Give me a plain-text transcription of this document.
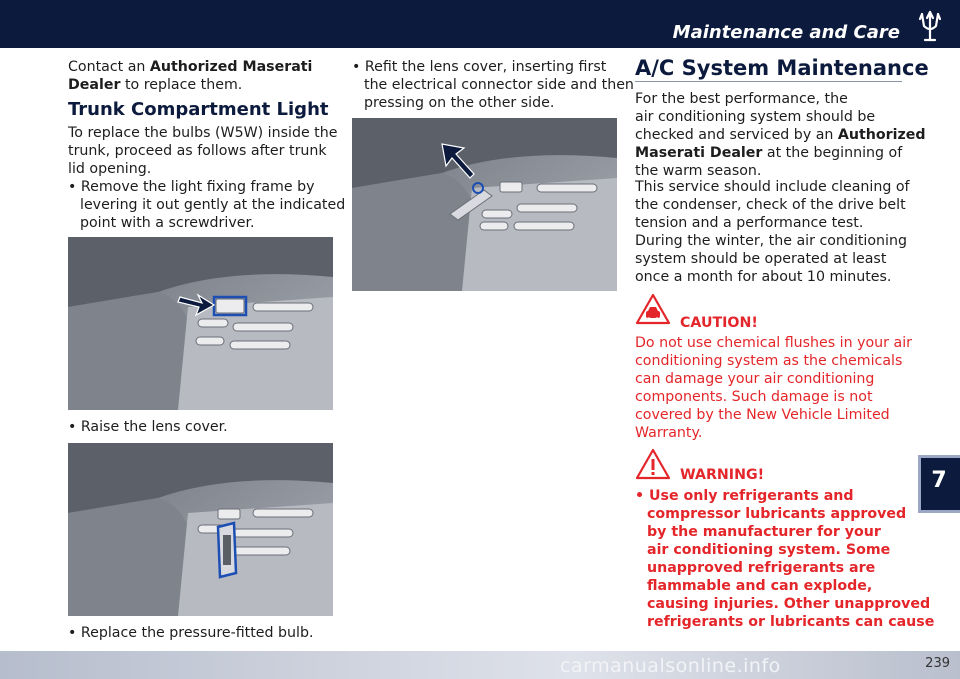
Maintenance and Care
7
Contact an Authorized Maserati
Dealer to replace them.
Trunk Compartment Light
To replace the bulbs (W5W) inside the
trunk, proceed as follows after trunk
lid opening.
• Remove the light fixing frame by
levering it out gently at the indicated
point with a screwdriver.
• Raise the lens cover.
• Replace the pressure-fitted bulb.
• Refit the lens cover, inserting first
the electrical connector side and then
pressing on the other side.
A/C System Maintenance
For the best performance, the
air conditioning system should be
checked and serviced by an Authorized
Maserati Dealer at the beginning of
the warm season.
This service should include cleaning of
the condenser, check of the drive belt
tension and a performance test.
During the winter, the air conditioning
system should be operated at least
once a month for about 10 minutes.
CAUTION!
Do not use chemical flushes in your air
conditioning system as the chemicals
can damage your air conditioning
components. Such damage is not
covered by the New Vehicle Limited
Warranty.
WARNING!
• Use only refrigerants and
compressor lubricants approved
by the manufacturer for your
air conditioning system. Some
unapproved refrigerants are
flammable and can explode,
causing injuries. Other unapproved
refrigerants or lubricants can cause
carmanualsonline.info	239
